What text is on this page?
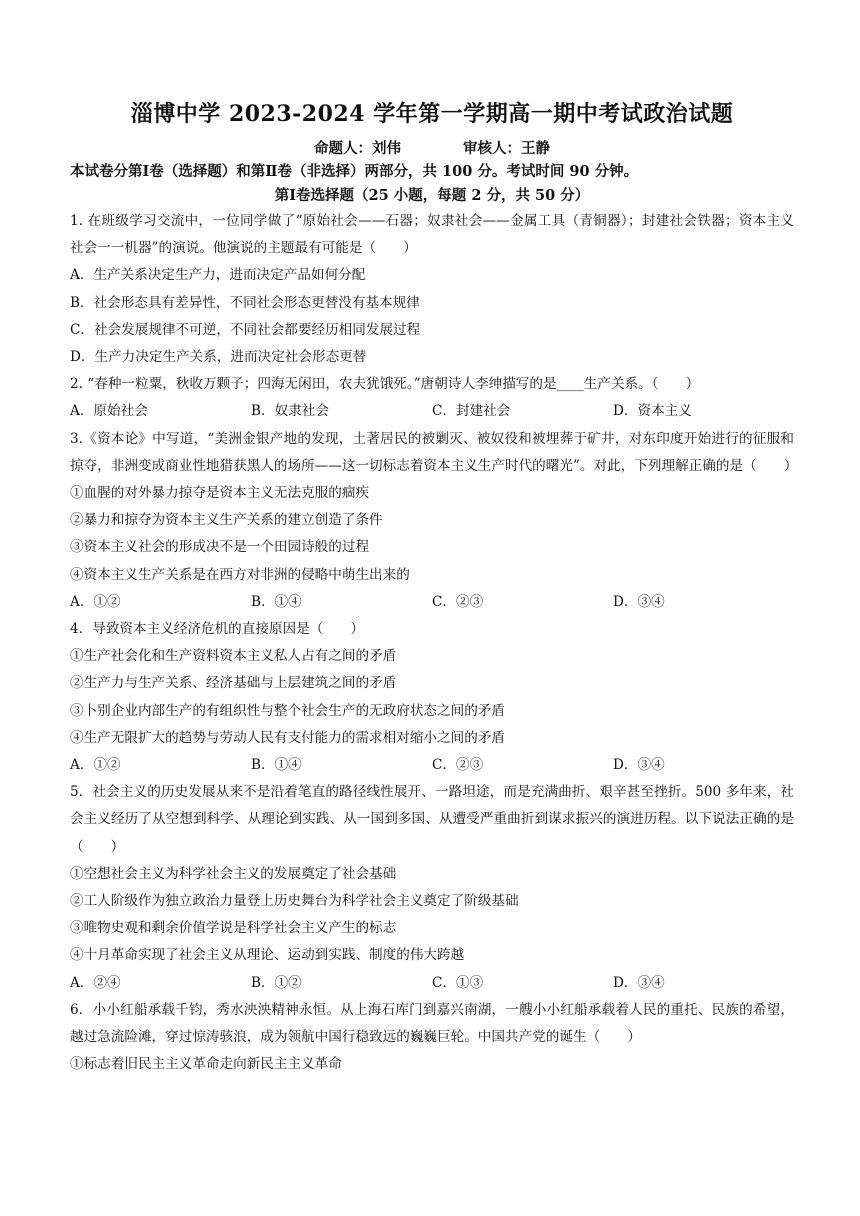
淄博中学 2023-2024 学年第一学期高一期中考试政治试题
命题人：刘伟	审核人：王静
本试卷分第Ⅰ卷（选择题）和第Ⅱ卷（非选择）两部分，共 100 分。考试时间 90 分钟。
第Ⅰ卷选择题（25 小题，每题 2 分，共 50 分）
1. 在班级学习交流中，一位同学做了“原始社会——石器；奴隶社会——金属工具（青铜器）；封建社会铁器；资本主义社会一一机器”的演说。他演说的主题最有可能是（　　）
A．生产关系决定生产力，进而决定产品如何分配
B．社会形态具有差异性，不同社会形态更替没有基本规律
C．社会发展规律不可逆，不同社会都要经历相同发展过程
D．生产力决定生产关系，进而决定社会形态更替
2. “春种一粒粟，秋收万颗子；四海无闲田，农夫犹饿死。”唐朝诗人李绅描写的是____生产关系。（　　）
A．原始社会	B．奴隶社会	C．封建社会	D．资本主义
3.《资本论》中写道，“美洲金银产地的发现，土著居民的被剿灭、被奴役和被埋葬于矿井，对东印度开始进行的征服和掠夺，非洲变成商业性地猎获黑人的场所——这一切标志着资本主义生产时代的曙光”。对此，下列理解正确的是（　　）
①血腥的对外暴力掠夺是资本主义无法克服的痼疾
②暴力和掠夺为资本主义生产关系的建立创造了条件
③资本主义社会的形成决不是一个田园诗般的过程
④资本主义生产关系是在西方对非洲的侵略中萌生出来的
A．①②	B．①④	C．②③	D．③④
4．导致资本主义经济危机的直接原因是（　　）
①生产社会化和生产资料资本主义私人占有之间的矛盾
②生产力与生产关系、经济基础与上层建筑之间的矛盾
③卜别企业内部生产的有组织性与整个社会生产的无政府状态之间的矛盾
④生产无限扩大的趋势与劳动人民有支付能力的需求相对缩小之间的矛盾
A．①②	B．①④	C．②③	D．③④
5．社会主义的历史发展从来不是沿着笔直的路径线性展开、一路坦途，而是充满曲折、艰辛甚至挫折。500 多年来，社会主义经历了从空想到科学、从理论到实践、从一国到多国、从遭受严重曲折到谋求振兴的演进历程。以下说法正确的是（　　）
①空想社会主义为科学社会主义的发展奠定了社会基础
②工人阶级作为独立政治力量登上历史舞台为科学社会主义奠定了阶级基础
③唯物史观和剩余价值学说是科学社会主义产生的标志
④十月革命实现了社会主义从理论、运动到实践、制度的伟大跨越
A．②④	B．①②	C．①③	D．③④
6．小小红船承载千钧，秀水泱泱精神永恒。从上海石库门到嘉兴南湖，一艘小小红船承载着人民的重托、民族的希望，越过急流险滩，穿过惊涛骇浪，成为领航中国行稳致远的巍巍巨轮。中国共产党的诞生（　　）
①标志着旧民主主义革命走向新民主主义革命
